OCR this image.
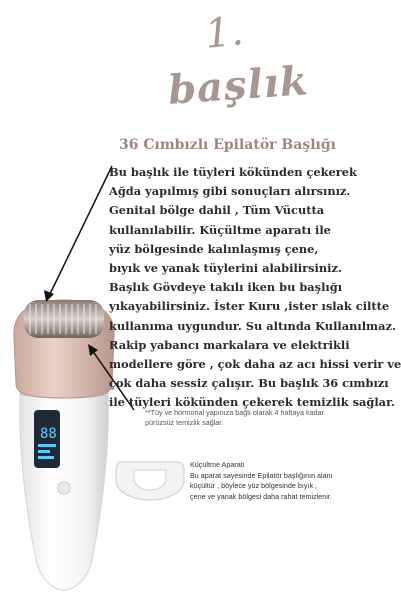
88
1.
başlık
36 Cımbızlı Epilatör Başlığı
Bu başlık ile tüyleri kökünden çekerek
Ağda yapılmış gibi sonuçları alırsınız.
Genital bölge dahil , Tüm Vücutta
kullanılabilir. Küçültme aparatı ile
yüz bölgesinde kalınlaşmış çene,
bıyık ve yanak tüylerini alabilirsiniz.
Başlık Gövdeye takılı iken bu başlığı
yıkayabilirsiniz. İster Kuru ,ister ıslak ciltte
kullanıma uygundur. Su altında Kullanılmaz.
Rakip yabancı markalara ve elektrikli
modellere göre , çok daha az acı hissi verir ve
çok daha sessiz çalışır. Bu başlık 36 cımbızı
ile tüyleri kökünden çekerek temizlik sağlar.
**Tüy ve hormonal yapınıza bağlı olarak 4 haftaya kadar
pürüzsüz temizlik sağlar.
Küçültme Aparatı
Bu aparat sayesinde Epilatör başlığının alanı
küçültür , böylece yüz bölgesinde bıyık ,
çene ve yanak bölgesi daha rahat temizlenir.
